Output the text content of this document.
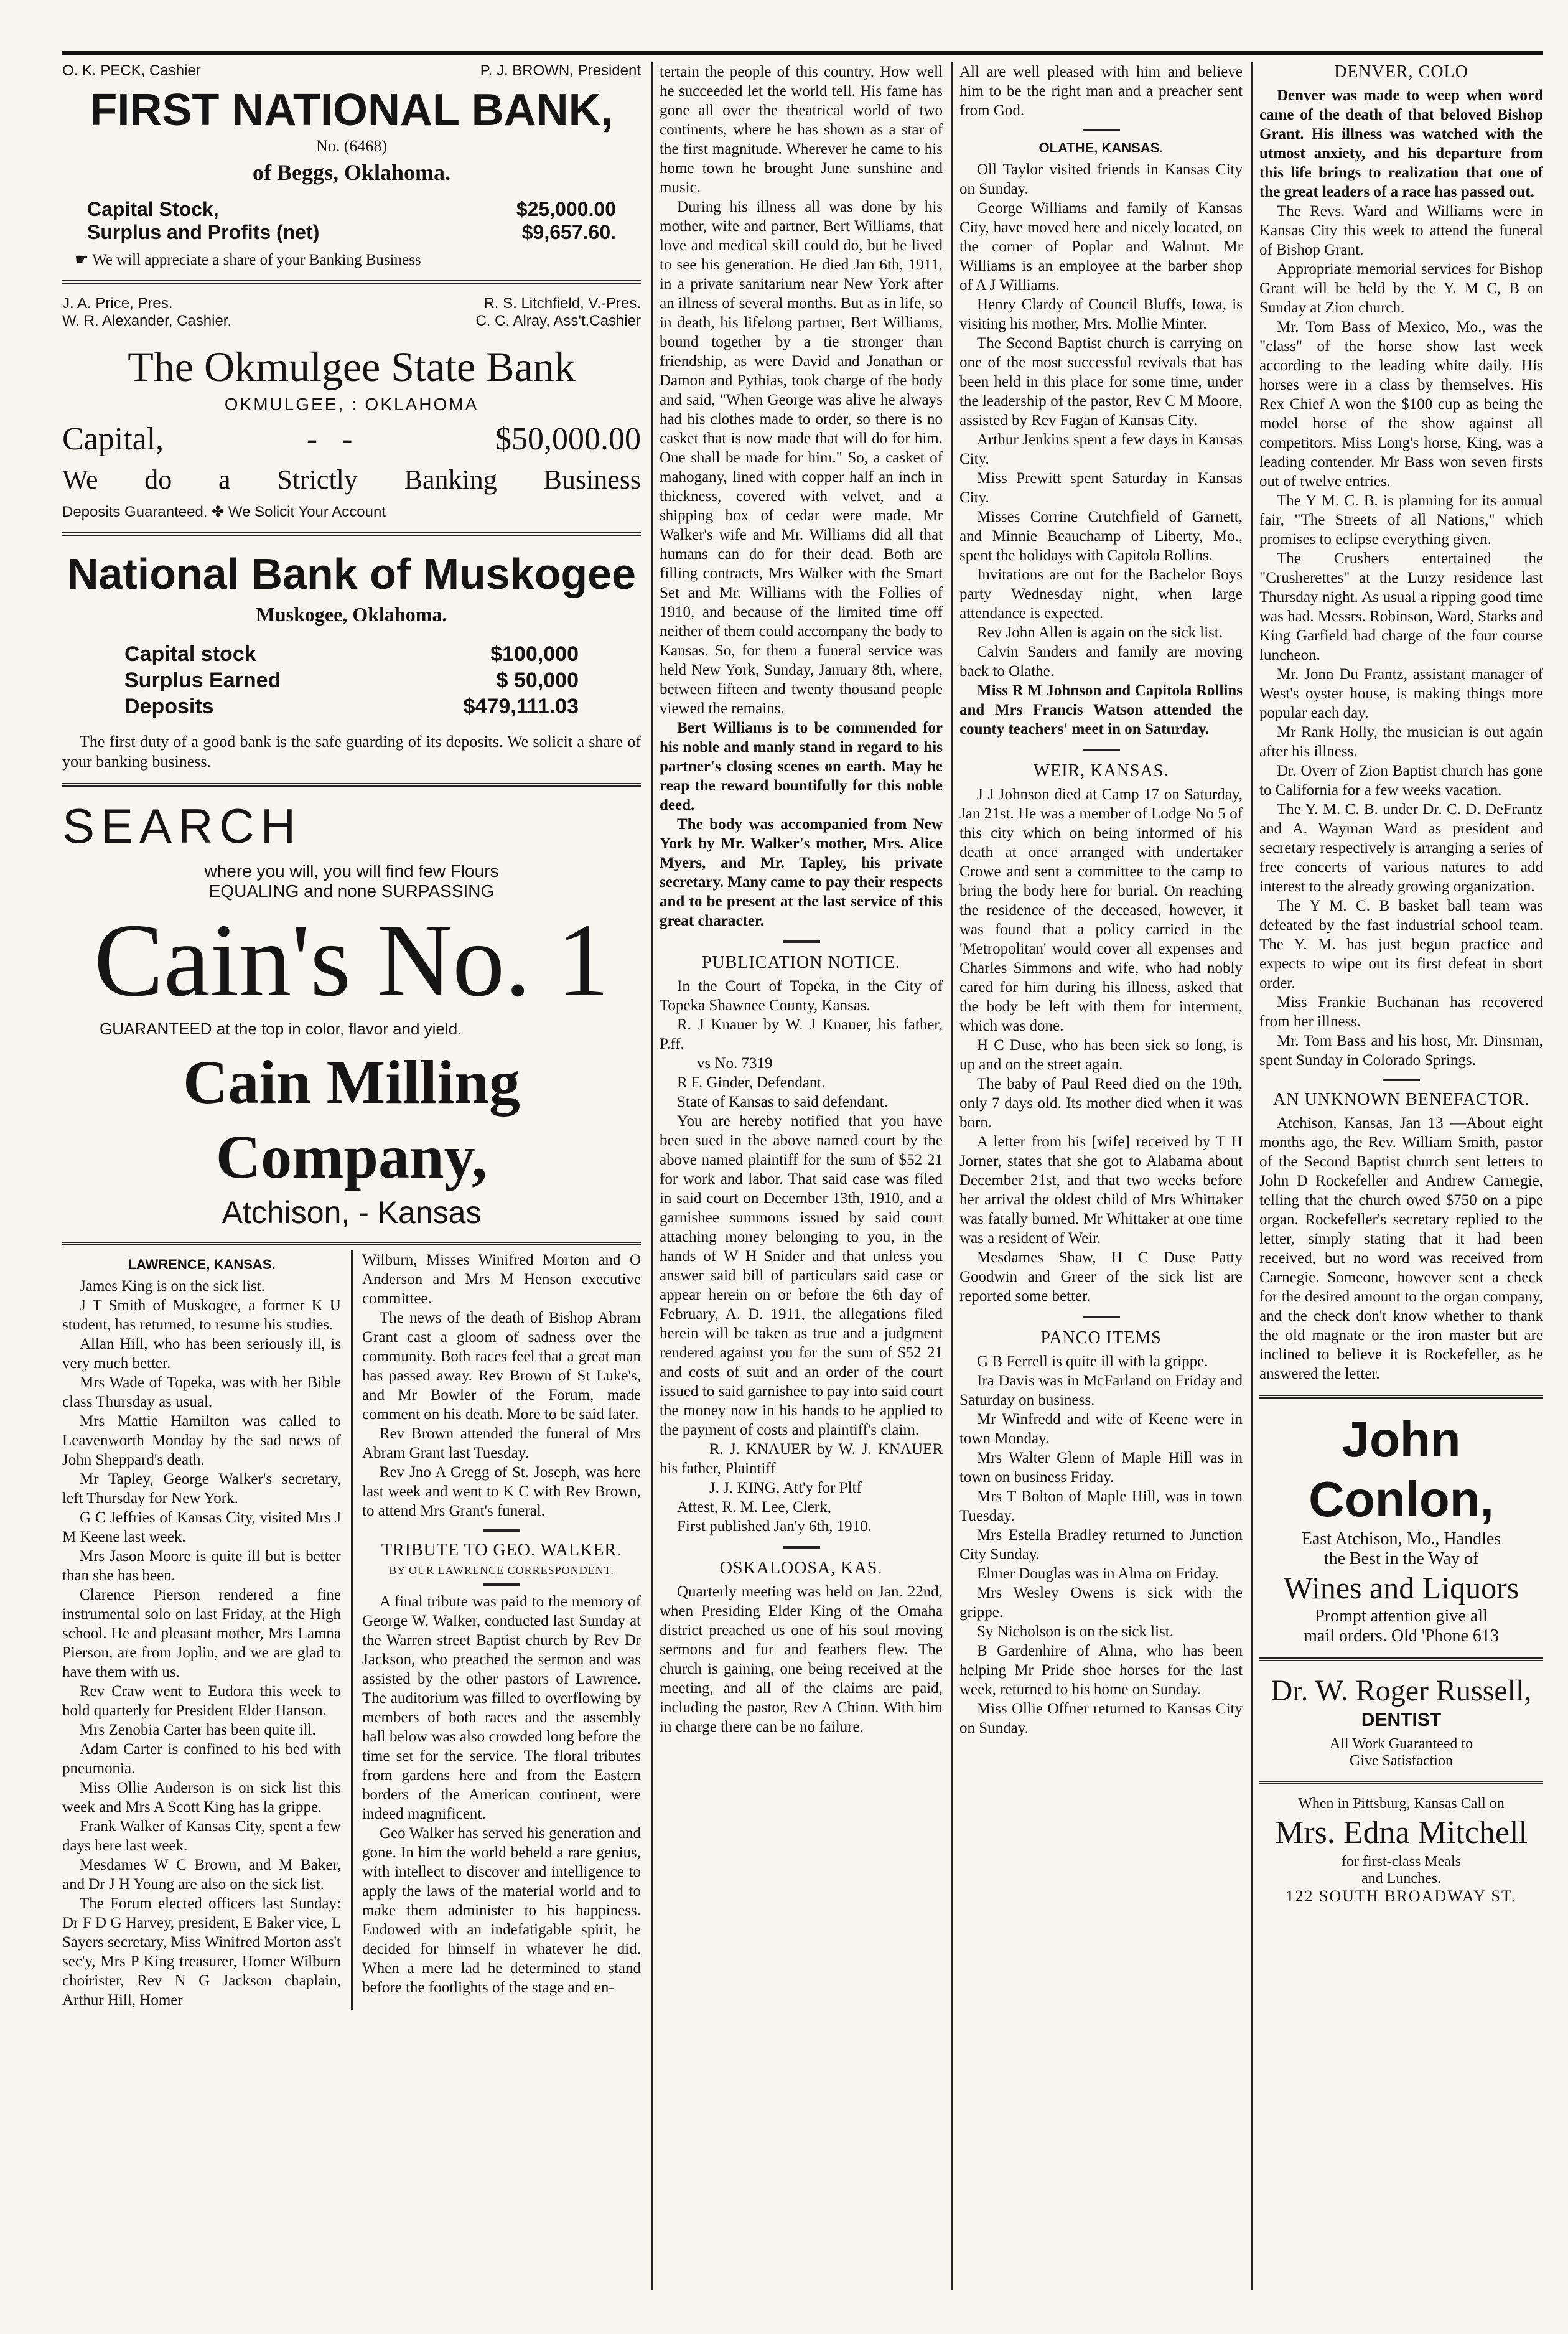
O. K. PECK, Cashier	P. J. BROWN, President
FIRST NATIONAL BANK,
No. (6468)
of Beggs, Oklahoma.
Capital Stock,	$25,000.00
Surplus and Profits (net)	$9,657.60.
☛ We will appreciate a share of your Banking Business
J. A. Price, Pres.	R. S. Litchfield, V.-Pres.
W. R. Alexander, Cashier.	C. C. Alray, Ass't.Cashier
The Okmulgee State Bank
OKMULGEE, : OKLAHOMA
Capital,	-   -	$50,000.00
We do a Strictly Banking Business
Deposits Guaranteed. ✤ We Solicit Your Account
National Bank of Muskogee
Muskogee, Oklahoma.
Capital stock	$100,000
Surplus Earned	$ 50,000
Deposits	$479,111.03

The first duty of a good bank is the safe guarding of its deposits. We solicit a share of your banking business.

SEARCH
where you will, you will find few Flours
EQUALING and none SURPASSING
Cain's No. 1
GUARANTEED at the top in color, flavor and yield.
Cain Milling Company,
Atchison, - Kansas
LAWRENCE, KANSAS.

James King is on the sick list.

J T Smith of Muskogee, a former K U student, has returned, to resume his studies.

Allan Hill, who has been seriously ill, is very much better.

Mrs Wade of Topeka, was with her Bible class Thursday as usual.

Mrs Mattie Hamilton was called to Leavenworth Monday by the sad news of John Sheppard's death.

Mr Tapley, George Walker's secretary, left Thursday for New York.

G C Jeffries of Kansas City, visited Mrs J M Keene last week.

Mrs Jason Moore is quite ill but is better than she has been.

Clarence Pierson rendered a fine instrumental solo on last Friday, at the High school. He and pleasant mother, Mrs Lamna Pierson, are from Joplin, and we are glad to have them with us.

Rev Craw went to Eudora this week to hold quarterly for President Elder Hanson.

Mrs Zenobia Carter has been quite ill.

Adam Carter is confined to his bed with pneumonia.

Miss Ollie Anderson is on sick list this week and Mrs A Scott King has la grippe.

Frank Walker of Kansas City, spent a few days here last week.

Mesdames W C Brown, and M Baker, and Dr J H Young are also on the sick list.

The Forum elected officers last Sunday: Dr F D G Harvey, president, E Baker vice, L Sayers secretary, Miss Winifred Morton ass't sec'y, Mrs P King treasurer, Homer Wilburn choirister, Rev N G Jackson chaplain, Arthur Hill, Homer

Wilburn, Misses Winifred Morton and O Anderson and Mrs M Henson executive committee.

The news of the death of Bishop Abram Grant cast a gloom of sadness over the community. Both races feel that a great man has passed away. Rev Brown of St Luke's, and Mr Bowler of the Forum, made comment on his death. More to be said later.

Rev Brown attended the funeral of Mrs Abram Grant last Tuesday.

Rev Jno A Gregg of St. Joseph, was here last week and went to K C with Rev Brown, to attend Mrs Grant's funeral.

TRIBUTE TO GEO. WALKER.
BY OUR LAWRENCE CORRESPONDENT.

A final tribute was paid to the memory of George W. Walker, conducted last Sunday at the Warren street Baptist church by Rev Dr Jackson, who preached the sermon and was assisted by the other pastors of Lawrence. The auditorium was filled to overflowing by members of both races and the assembly hall below was also crowded long before the time set for the service. The floral tributes from gardens here and from the Eastern borders of the American continent, were indeed magnificent.

Geo Walker has served his generation and gone. In him the world beheld a rare genius, with intellect to discover and intelligence to apply the laws of the material world and to make them administer to his happiness. Endowed with an indefatigable spirit, he decided for himself in whatever he did. When a mere lad he determined to stand before the footlights of the stage and en-

tertain the people of this country. How well he succeeded let the world tell. His fame has gone all over the theatrical world of two continents, where he has shown as a star of the first magnitude. Wherever he came to his home town he brought June sunshine and music.

During his illness all was done by his mother, wife and partner, Bert Williams, that love and medical skill could do, but he lived to see his generation. He died Jan 6th, 1911, in a private sanitarium near New York after an illness of several months. But as in life, so in death, his lifelong partner, Bert Williams, bound together by a tie stronger than friendship, as were David and Jonathan or Damon and Pythias, took charge of the body and said, "When George was alive he always had his clothes made to order, so there is no casket that is now made that will do for him. One shall be made for him." So, a casket of mahogany, lined with copper half an inch in thickness, covered with velvet, and a shipping box of cedar were made. Mr Walker's wife and Mr. Williams did all that humans can do for their dead. Both are filling contracts, Mrs Walker with the Smart Set and Mr. Williams with the Follies of 1910, and because of the limited time off neither of them could accompany the body to Kansas. So, for them a funeral service was held New York, Sunday, January 8th, where, between fifteen and twenty thousand people viewed the remains.

Bert Williams is to be commended for his noble and manly stand in regard to his partner's closing scenes on earth. May he reap the reward bountifully for this noble deed.

The body was accompanied from New York by Mr. Walker's mother, Mrs. Alice Myers, and Mr. Tapley, his private secretary. Many came to pay their respects and to be present at the last service of this great character.

PUBLICATION NOTICE.

In the Court of Topeka, in the City of Topeka Shawnee County, Kansas.

R. J Knauer by W. J Knauer, his father, P.ff.

vs No. 7319

R F. Ginder, Defendant.

State of Kansas to said defendant.

You are hereby notified that you have been sued in the above named court by the above named plaintiff for the sum of $52 21 for work and labor. That said case was filed in said court on December 13th, 1910, and a garnishee summons issued by said court attaching money belonging to you, in the hands of W H Snider and that unless you answer said bill of particulars said case or appear herein on or before the 6th day of February, A. D. 1911, the allegations filed herein will be taken as true and a judgment rendered against you for the sum of $52 21 and costs of suit and an order of the court issued to said garnishee to pay into said court the money now in his hands to be applied to the payment of costs and plaintiff's claim.

R. J. KNAUER by W. J. KNAUER his father, Plaintiff

J. J. KING, Att'y for Pltf

Attest, R. M. Lee, Clerk,

First published Jan'y 6th, 1910.

OSKALOOSA, KAS.

Quarterly meeting was held on Jan. 22nd, when Presiding Elder King of the Omaha district preached us one of his soul moving sermons and fur and feathers flew. The church is gaining, one being received at the meeting, and all of the claims are paid, including the pastor, Rev A Chinn. With him in charge there can be no failure.

All are well pleased with him and believe him to be the right man and a preacher sent from God.

OLATHE, KANSAS.

Oll Taylor visited friends in Kansas City on Sunday.

George Williams and family of Kansas City, have moved here and nicely located, on the corner of Poplar and Walnut. Mr Williams is an employee at the barber shop of A J Williams.

Henry Clardy of Council Bluffs, Iowa, is visiting his mother, Mrs. Mollie Minter.

The Second Baptist church is carrying on one of the most successful revivals that has been held in this place for some time, under the leadership of the pastor, Rev C M Moore, assisted by Rev Fagan of Kansas City.

Arthur Jenkins spent a few days in Kansas City.

Miss Prewitt spent Saturday in Kansas City.

Misses Corrine Crutchfield of Garnett, and Minnie Beauchamp of Liberty, Mo., spent the holidays with Capitola Rollins.

Invitations are out for the Bachelor Boys party Wednesday night, when large attendance is expected.

Rev John Allen is again on the sick list.

Calvin Sanders and family are moving back to Olathe.

Miss R M Johnson and Capitola Rollins and Mrs Francis Watson attended the county teachers' meet in on Saturday.

WEIR, KANSAS.

J J Johnson died at Camp 17 on Saturday, Jan 21st. He was a member of Lodge No 5 of this city which on being informed of his death at once arranged with undertaker Crowe and sent a committee to the camp to bring the body here for burial. On reaching the residence of the deceased, however, it was found that a policy carried in the 'Metropolitan' would cover all expenses and Charles Simmons and wife, who had nobly cared for him during his illness, asked that the body be left with them for interment, which was done.

H C Duse, who has been sick so long, is up and on the street again.

The baby of Paul Reed died on the 19th, only 7 days old. Its mother died when it was born.

A letter from his [wife] received by T H Jorner, states that she got to Alabama about December 21st, and that two weeks before her arrival the oldest child of Mrs Whittaker was fatally burned. Mr Whittaker at one time was a resident of Weir.

Mesdames Shaw, H C Duse Patty Goodwin and Greer of the sick list are reported some better.

PANCO ITEMS

G B Ferrell is quite ill with la grippe.

Ira Davis was in McFarland on Friday and Saturday on business.

Mr Winfredd and wife of Keene were in town Monday.

Mrs Walter Glenn of Maple Hill was in town on business Friday.

Mrs T Bolton of Maple Hill, was in town Tuesday.

Mrs Estella Bradley returned to Junction City Sunday.

Elmer Douglas was in Alma on Friday.

Mrs Wesley Owens is sick with the grippe.

Sy Nicholson is on the sick list.

B Gardenhire of Alma, who has been helping Mr Pride shoe horses for the last week, returned to his home on Sunday.

Miss Ollie Offner returned to Kansas City on Sunday.

DENVER, COLO

Denver was made to weep when word came of the death of that beloved Bishop Grant. His illness was watched with the utmost anxiety, and his departure from this life brings to realization that one of the great leaders of a race has passed out.

The Revs. Ward and Williams were in Kansas City this week to attend the funeral of Bishop Grant.

Appropriate memorial services for Bishop Grant will be held by the Y. M C, B on Sunday at Zion church.

Mr. Tom Bass of Mexico, Mo., was the "class" of the horse show last week according to the leading white daily. His horses were in a class by themselves. His Rex Chief A won the $100 cup as being the model horse of the show against all competitors. Miss Long's horse, King, was a leading contender. Mr Bass won seven firsts out of twelve entries.

The Y M. C. B. is planning for its annual fair, "The Streets of all Nations," which promises to eclipse everything given.

The Crushers entertained the "Crusherettes" at the Lurzy residence last Thursday night. As usual a ripping good time was had. Messrs. Robinson, Ward, Starks and King Garfield had charge of the four course luncheon.

Mr. Jonn Du Frantz, assistant manager of West's oyster house, is making things more popular each day.

Mr Rank Holly, the musician is out again after his illness.

Dr. Overr of Zion Baptist church has gone to California for a few weeks vacation.

The Y. M. C. B. under Dr. C. D. DeFrantz and A. Wayman Ward as president and secretary respectively is arranging a series of free concerts of various natures to add interest to the already growing organization.

The Y M. C. B basket ball team was defeated by the fast industrial school team. The Y. M. has just begun practice and expects to wipe out its first defeat in short order.

Miss Frankie Buchanan has recovered from her illness.

Mr. Tom Bass and his host, Mr. Dinsman, spent Sunday in Colorado Springs.

AN UNKNOWN BENEFACTOR.

Atchison, Kansas, Jan 13 —About eight months ago, the Rev. William Smith, pastor of the Second Baptist church sent letters to John D Rockefeller and Andrew Carnegie, telling that the church owed $750 on a pipe organ. Rockefeller's secretary replied to the letter, simply stating that it had been received, but no word was received from Carnegie. Someone, however sent a check for the desired amount to the organ company, and the check don't know whether to thank the old magnate or the iron master but are inclined to believe it is Rockefeller, as he answered the letter.

John Conlon,
East Atchison, Mo., Handles
the Best in the Way of
Wines and Liquors
Prompt attention give all
mail orders. Old 'Phone 613
Dr. W. Roger Russell,
DENTIST
All Work Guaranteed to
Give Satisfaction
When in Pittsburg, Kansas Call on
Mrs. Edna Mitchell
for first-class Meals
and Lunches.
122 SOUTH BROADWAY ST.
